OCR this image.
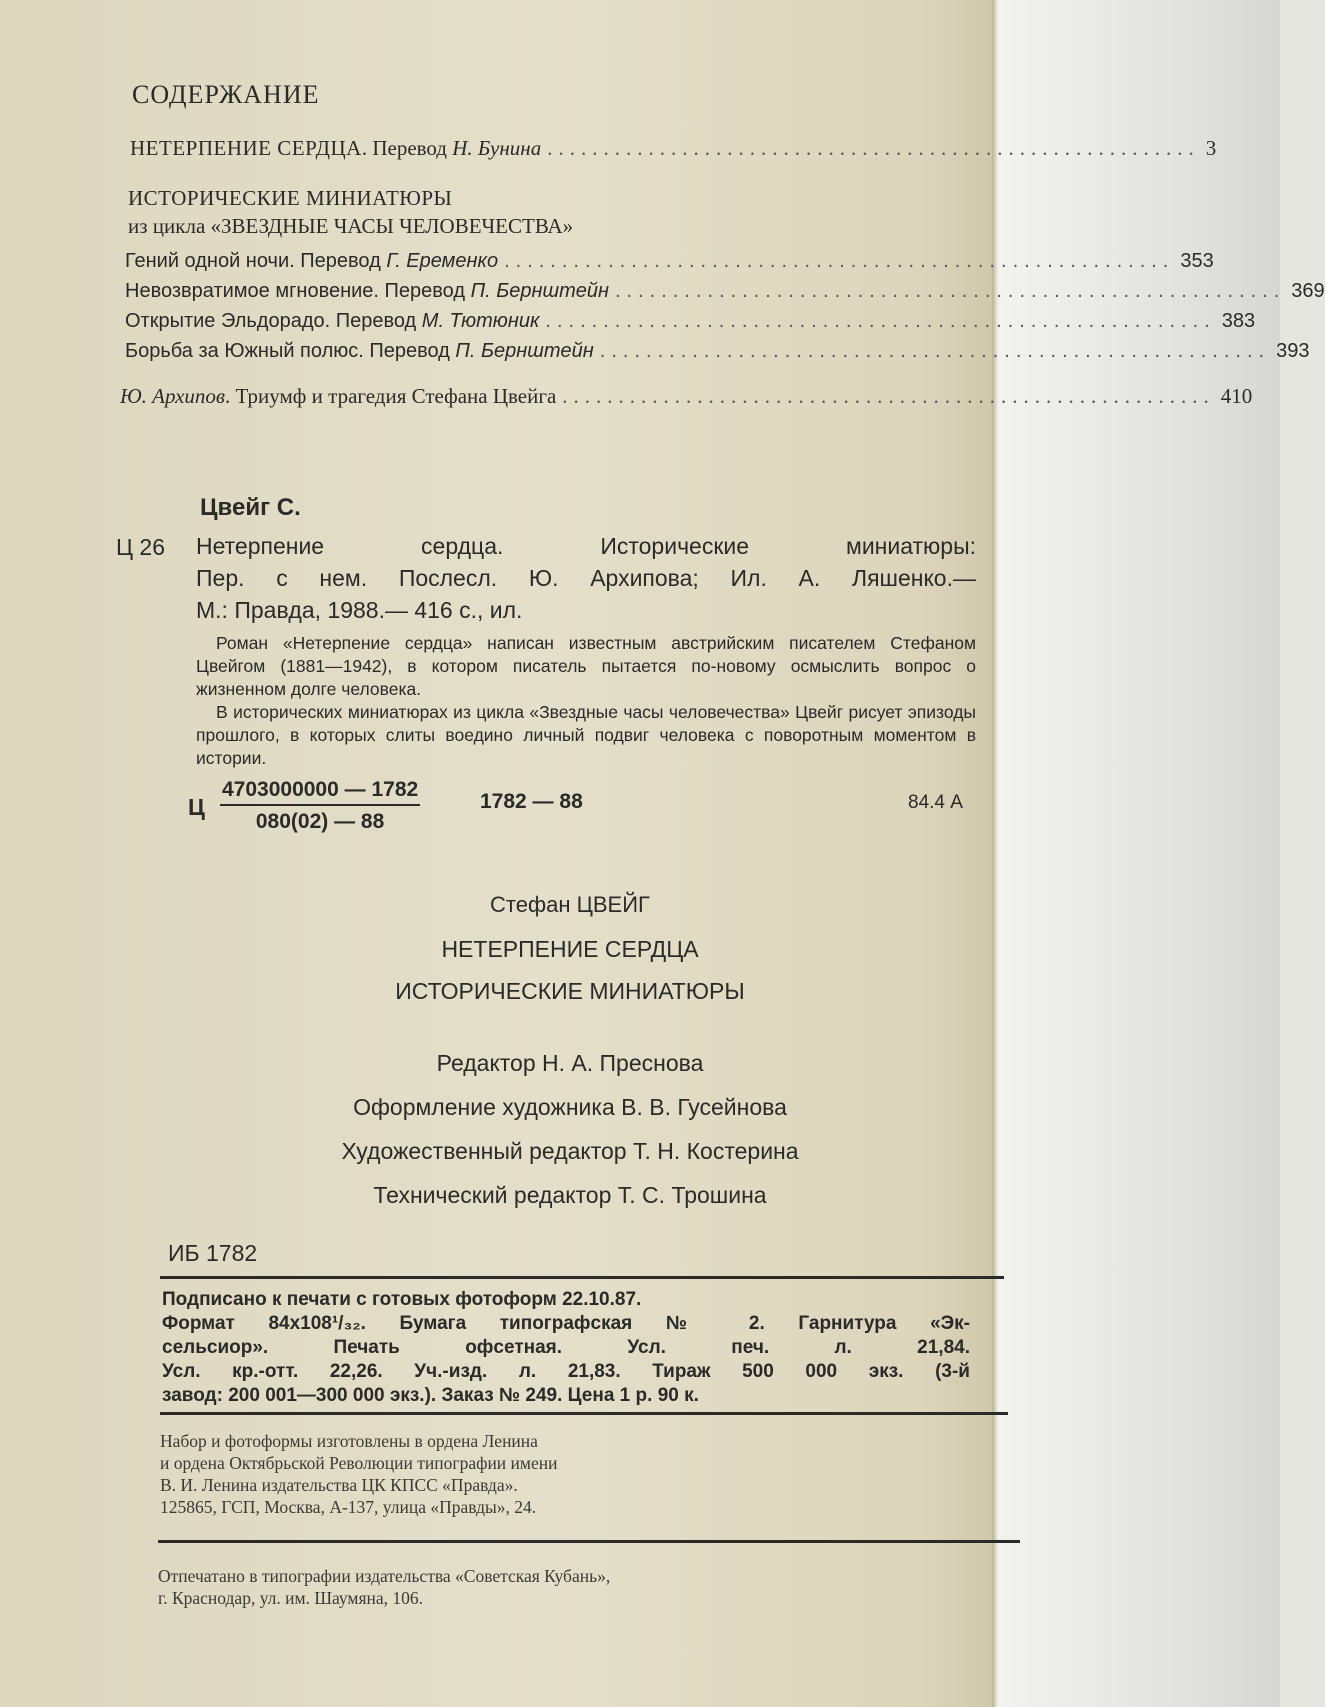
СОДЕРЖАНИЕ
НЕТЕРПЕНИЕ СЕРДЦА. Перевод Н. Бунина .......................................................... 3
ИСТОРИЧЕСКИЕ МИНИАТЮРЫ
из цикла «ЗВЕЗДНЫЕ ЧАСЫ ЧЕЛОВЕЧЕСТВА»
Гений одной ночи. Перевод Г. Еременко .......................................................... 353
Невозвратимое мгновение. Перевод П. Бернштейн .......................................................... 369
Открытие Эльдорадо. Перевод М. Тютюник .......................................................... 383
Борьба за Южный полюс. Перевод П. Бернштейн .......................................................... 393
Ю. Архипов. Триумф и трагедия Стефана Цвейга .......................................................... 410
Цвейг С.
Ц 26 Нетерпение сердца. Исторические миниатюры:
Пер. с нем. Послесл. Ю. Архипова; Ил. А. Ляшенко.—
М.: Правда, 1988.— 416 с., ил.

Роман «Нетерпение сердца» написан известным австрийским писателем Стефаном Цвейгом (1881—1942), в котором писатель пытается по-новому осмыслить вопрос о жизненном долге человека.

В исторических миниатюрах из цикла «Звездные часы человечества» Цвейг рисует эпизоды прошлого, в которых слиты воедино личный подвиг человека с поворотным моментом в истории.

Ц $\frac{4703000000 — 1782}{080(02) — 88}$	1782 — 88	84.4 А
Стефан ЦВЕЙГ
НЕТЕРПЕНИЕ СЕРДЦА
ИСТОРИЧЕСКИЕ МИНИАТЮРЫ
Редактор Н. А. Преснова
Оформление художника В. В. Гусейнова
Художественный редактор Т. Н. Костерина
Технический редактор Т. С. Трошина
ИБ 1782
Подписано к печати с готовых фотоформ 22.10.87.
Формат 84х108¹/₃₂. Бумага типографская № 2. Гарнитура «Эк-
сельсиор». Печать офсетная. Усл. печ. л. 21,84.
Усл. кр.-отт. 22,26. Уч.-изд. л. 21,83. Тираж 500 000 экз. (3-й
завод: 200 001—300 000 экз.). Заказ № 249. Цена 1 р. 90 к.
Набор и фотоформы изготовлены в ордена Ленина
и ордена Октябрьской Революции типографии имени
В. И. Ленина издательства ЦК КПСС «Правда».
125865, ГСП, Москва, А-137, улица «Правды», 24.
Отпечатано в типографии издательства «Советская Кубань»,
г. Краснодар, ул. им. Шаумяна, 106.
